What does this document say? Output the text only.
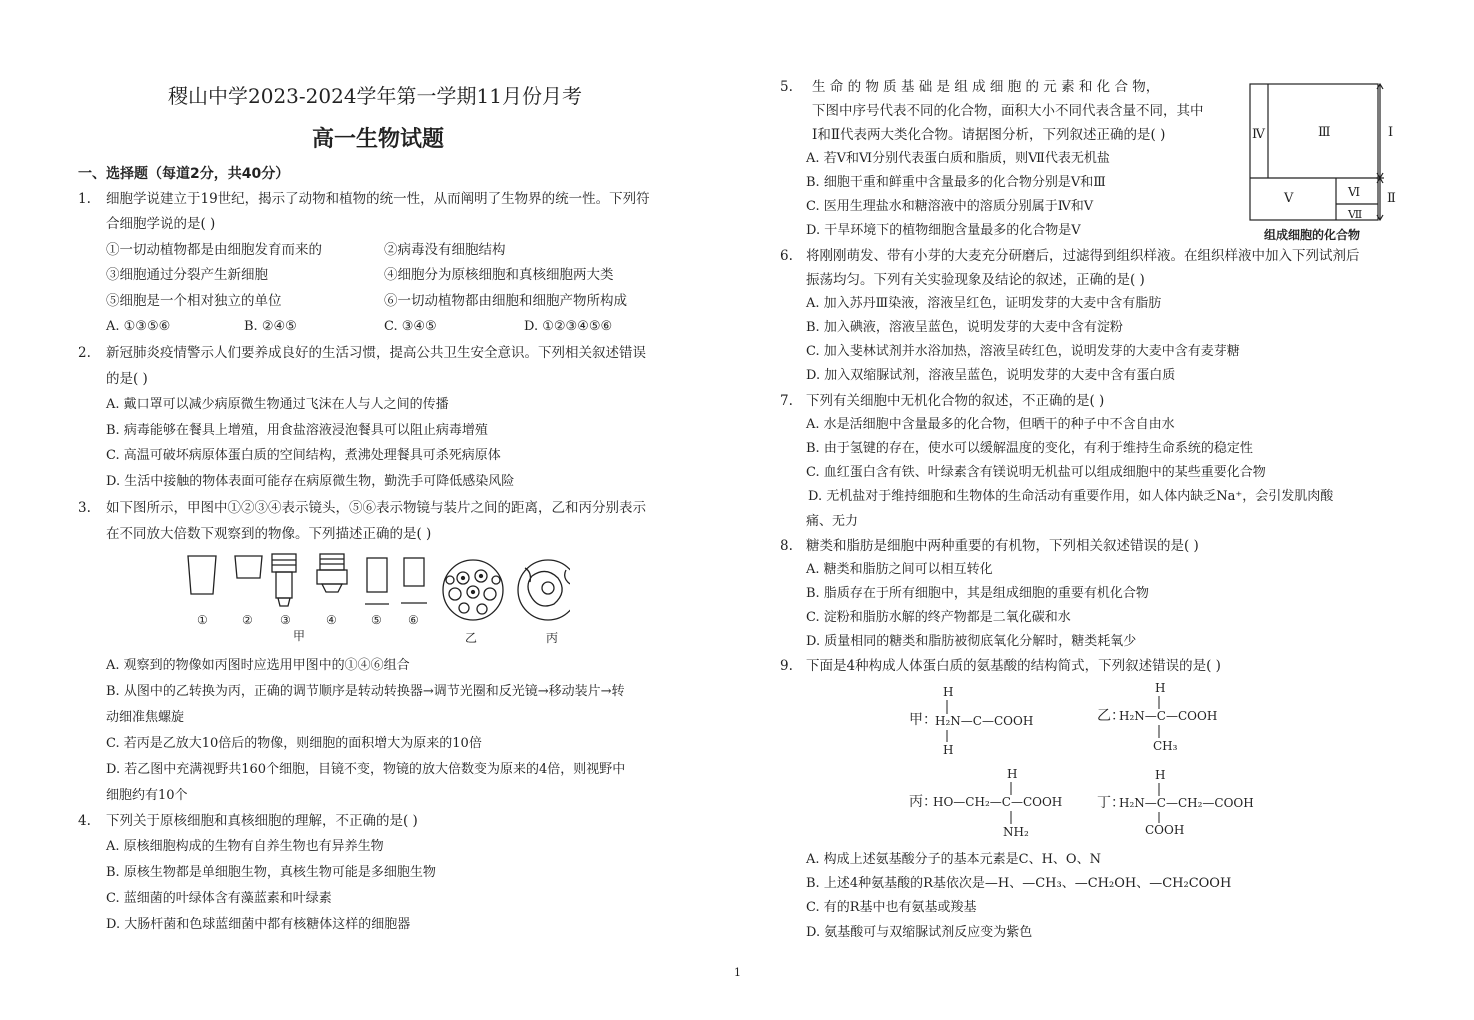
稷山中学2023-2024学年第一学期11月份月考
高一生物试题
一、选择题（每道2分，共40分）
1. 细胞学说建立于19世纪，揭示了动物和植物的统一性，从而阐明了生物界的统一性。下列符
合细胞学说的是( )
①一切动植物都是由细胞发育而来的	②病毒没有细胞结构
③细胞通过分裂产生新细胞	④细胞分为原核细胞和真核细胞两大类
⑤细胞是一个相对独立的单位	⑥一切动植物都由细胞和细胞产物所构成
A. ①③⑤⑥	B. ②④⑤	C. ③④⑤	D. ①②③④⑤⑥
2. 新冠肺炎疫情警示人们要养成良好的生活习惯，提高公共卫生安全意识。下列相关叙述错误
的是( )
A. 戴口罩可以减少病原微生物通过飞沫在人与人之间的传播
B. 病毒能够在餐具上增殖，用食盐溶液浸泡餐具可以阻止病毒增殖
C. 高温可破坏病原体蛋白质的空间结构，煮沸处理餐具可杀死病原体
D. 生活中接触的物体表面可能存在病原微生物，勤洗手可降低感染风险
3. 如下图所示，甲图中①②③④表示镜头，⑤⑥表示物镜与装片之间的距离，乙和丙分别表示
在不同放大倍数下观察到的物像。下列描述正确的是( )
①	② ③	④	⑤ ⑥
甲	乙	丙
A. 观察到的物像如丙图时应选用甲图中的①④⑥组合
B. 从图中的乙转换为丙，正确的调节顺序是转动转换器→调节光圈和反光镜→移动装片→转
动细准焦螺旋
C. 若丙是乙放大10倍后的物像，则细胞的面积增大为原来的10倍
D. 若乙图中充满视野共160个细胞，目镜不变，物镜的放大倍数变为原来的4倍，则视野中
细胞约有10个
4. 下列关于原核细胞和真核细胞的理解，不正确的是( )
A. 原核细胞构成的生物有自养生物也有异养生物
B. 原核生物都是单细胞生物，真核生物可能是多细胞生物
C. 蓝细菌的叶绿体含有藻蓝素和叶绿素
D. 大肠杆菌和色球蓝细菌中都有核糖体这样的细胞器
5. 生 命 的 物 质 基 础 是 组 成 细 胞 的 元 素 和 化 合 物，
下图中序号代表不同的化合物，面积大小不同代表含量不同，其中
Ⅰ和Ⅱ代表两大类化合物。请据图分析，下列叙述正确的是( )
A. 若Ⅴ和Ⅵ分别代表蛋白质和脂质，则Ⅶ代表无机盐
B. 细胞干重和鲜重中含量最多的化合物分别是Ⅴ和Ⅲ
C. 医用生理盐水和糖溶液中的溶质分别属于Ⅳ和Ⅴ
D. 干旱环境下的植物细胞含量最多的化合物是Ⅴ
Ⅰ
Ⅱ
Ⅲ
Ⅳ
Ⅴ	Ⅵ
Ⅶ
组成细胞的化合物
6. 将刚刚萌发、带有小芽的大麦充分研磨后，过滤得到组织样液。在组织样液中加入下列试剂后
振荡均匀。下列有关实验现象及结论的叙述，正确的是( )
A. 加入苏丹Ⅲ染液，溶液呈红色，证明发芽的大麦中含有脂肪
B. 加入碘液，溶液呈蓝色，说明发芽的大麦中含有淀粉
C. 加入斐林试剂并水浴加热，溶液呈砖红色，说明发芽的大麦中含有麦芽糖
D. 加入双缩脲试剂，溶液呈蓝色，说明发芽的大麦中含有蛋白质
7. 下列有关细胞中无机化合物的叙述，不正确的是( )
A. 水是活细胞中含量最多的化合物，但晒干的种子中不含自由水
B. 由于氢键的存在，使水可以缓解温度的变化，有利于维持生命系统的稳定性
C. 血红蛋白含有铁、叶绿素含有镁说明无机盐可以组成细胞中的某些重要化合物
D. 无机盐对于维持细胞和生物体的生命活动有重要作用，如人体内缺乏Na⁺，会引发肌肉酸
痛、无力
8. 糖类和脂肪是细胞中两种重要的有机物，下列相关叙述错误的是( )
A. 糖类和脂肪之间可以相互转化
B. 脂质存在于所有细胞中，其是组成细胞的重要有机化合物
C. 淀粉和脂肪水解的终产物都是二氧化碳和水
D. 质量相同的糖类和脂肪被彻底氧化分解时，糖类耗氧少
9. 下面是4种构成人体蛋白质的氨基酸的结构简式，下列叙述错误的是( )
甲：
H₂N—C—COOH
H
H
乙：
H₂N—C—COOH
H
CH₃
丙：
HO—CH₂—C—COOH
H
NH₂
丁：
H₂N—C—CH₂—COOH
H
COOH
A. 构成上述氨基酸分子的基本元素是C、H、O、N
B. 上述4种氨基酸的R基依次是—H、—CH₃、—CH₂OH、—CH₂COOH
C. 有的R基中也有氨基或羧基
D. 氨基酸可与双缩脲试剂反应变为紫色
1
